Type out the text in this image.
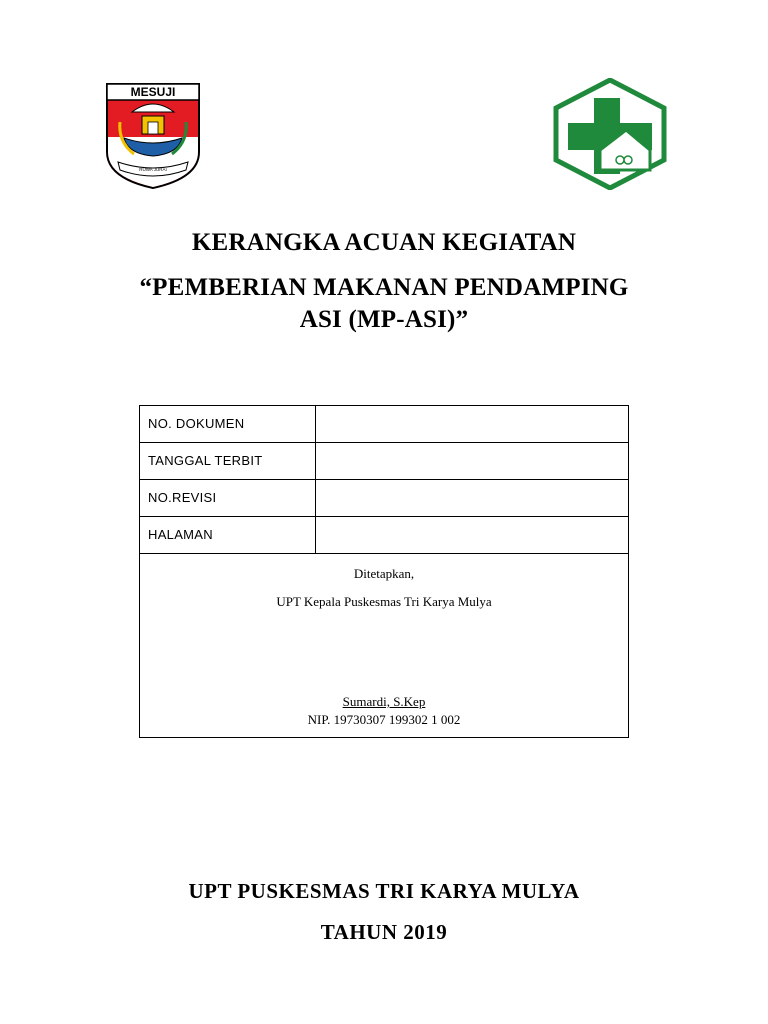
MESUJI
RUWA JURAI
KERANGKA ACUAN KEGIATAN
“PEMBERIAN MAKANAN PENDAMPING
ASI (MP-ASI)”
NO. DOKUMEN
TANGGAL TERBIT
NO.REVISI
HALAMAN
Ditetapkan,
UPT Kepala Puskesmas Tri Karya Mulya
Sumardi, S.Kep
NIP. 19730307 199302 1 002
UPT PUSKESMAS TRI KARYA MULYA
TAHUN 2019
